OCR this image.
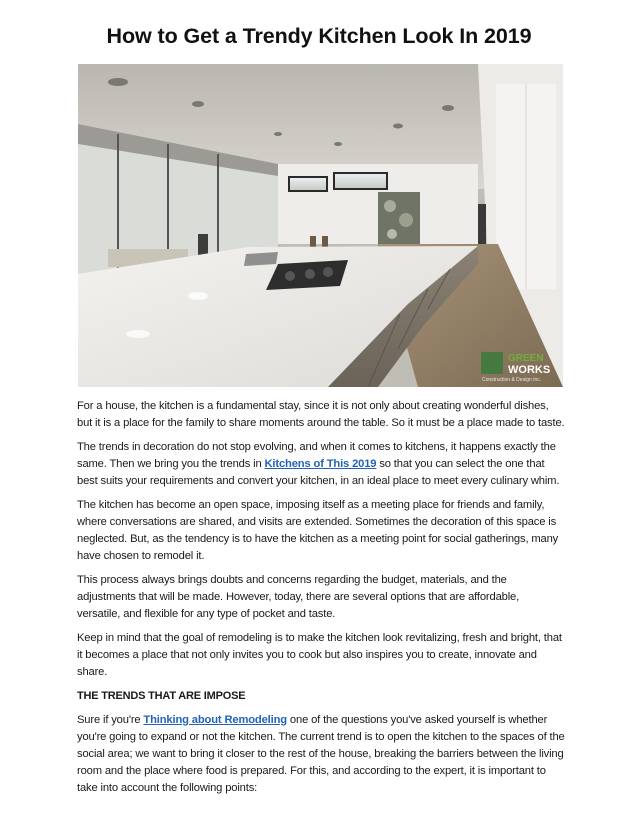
How to Get a Trendy Kitchen Look In 2019
GREEN
WORKS
Construction & Design Inc.

For a house, the kitchen is a fundamental stay, since it is not only about creating wonderful dishes, but it is a place for the family to share moments around the table. So it must be a place made to taste.

The trends in decoration do not stop evolving, and when it comes to kitchens, it happens exactly the same. Then we bring you the trends in Kitchens of This 2019 so that you can select the one that best suits your requirements and convert your kitchen, in an ideal place to meet every culinary whim.

The kitchen has become an open space, imposing itself as a meeting place for friends and family, where conversations are shared, and visits are extended. Sometimes the decoration of this space is neglected. But, as the tendency is to have the kitchen as a meeting point for social gatherings, many have chosen to remodel it.

This process always brings doubts and concerns regarding the budget, materials, and the adjustments that will be made. However, today, there are several options that are affordable, versatile, and flexible for any type of pocket and taste.

Keep in mind that the goal of remodeling is to make the kitchen look revitalizing, fresh and bright, that it becomes a place that not only invites you to cook but also inspires you to create, innovate and share.

THE TRENDS THAT ARE IMPOSE

Sure if you're Thinking about Remodeling one of the questions you've asked yourself is whether you're going to expand or not the kitchen. The current trend is to open the kitchen to the spaces of the social area; we want to bring it closer to the rest of the house, breaking the barriers between the living room and the place where food is prepared. For this, and according to the expert, it is important to take into account the following points:
